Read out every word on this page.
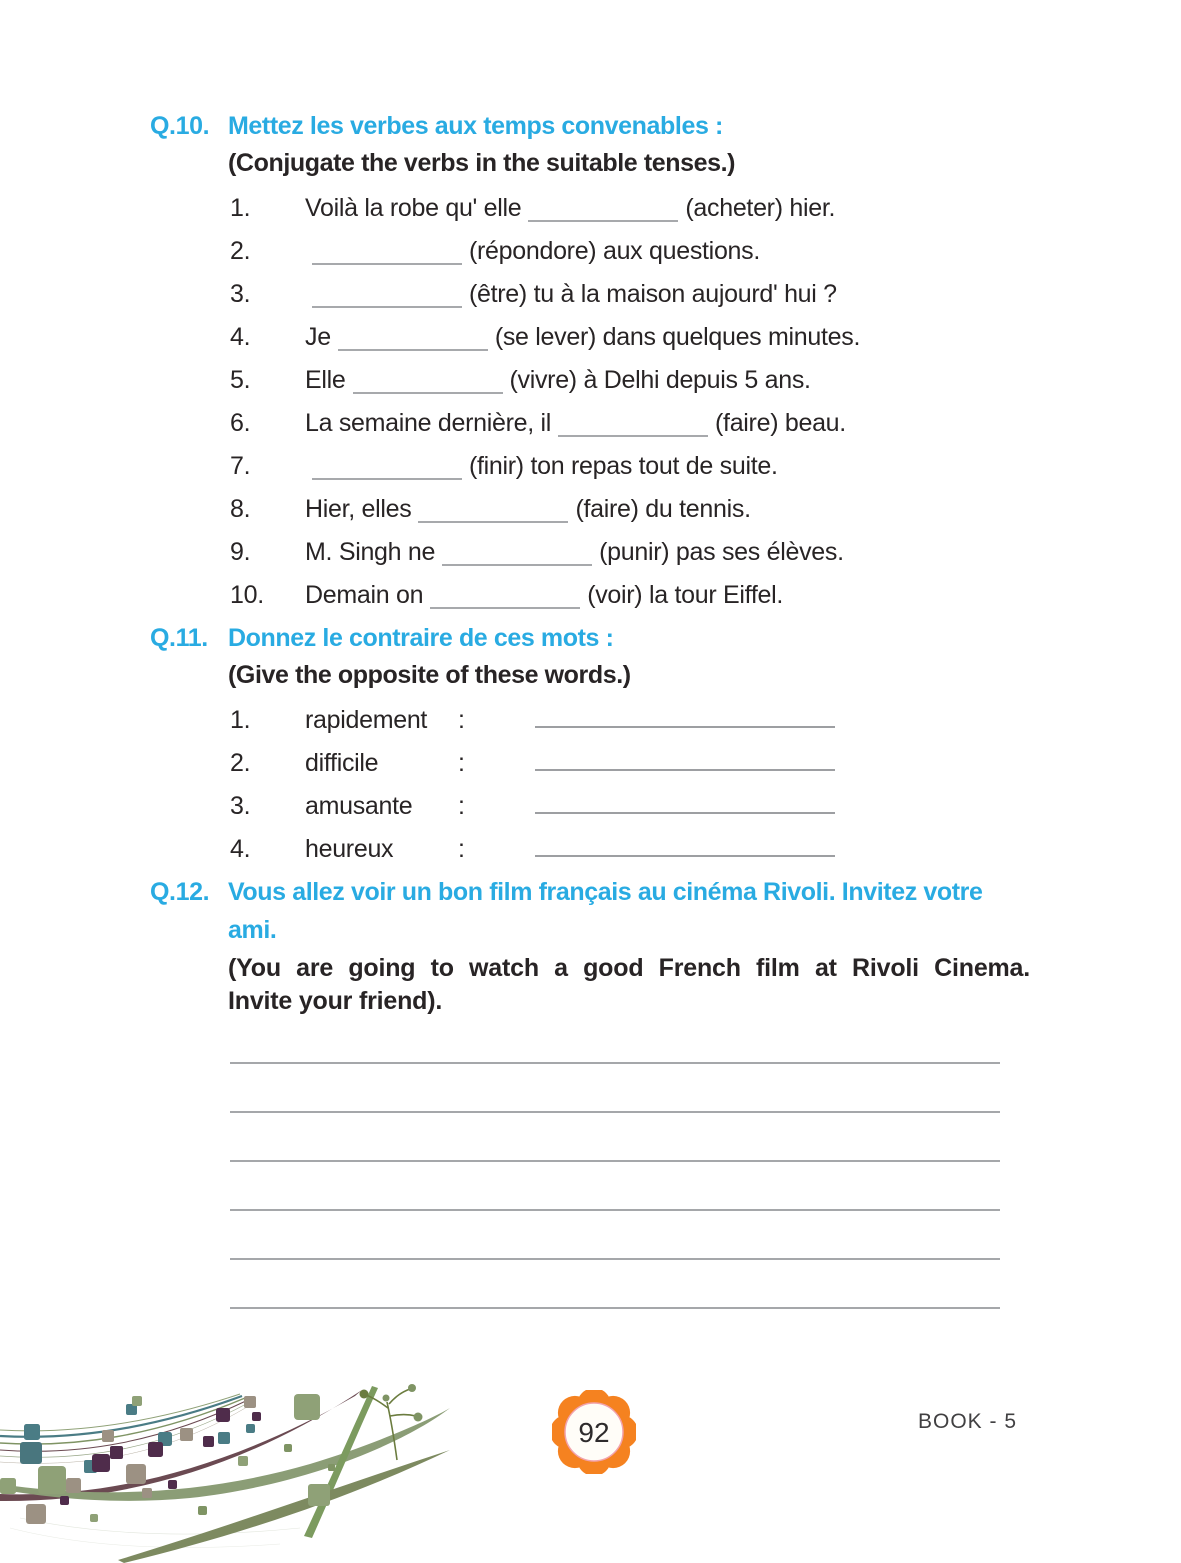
Q.10. Mettez les verbes aux temps convenables :
(Conjugate the verbs in the suitable tenses.)
1.	Voilà la robe qu' elle	(acheter) hier.
2.	(répondore) aux questions.
3.	(être) tu à la maison aujourd' hui ?
4.	Je	(se lever) dans quelques minutes.
5.	Elle	(vivre) à Delhi depuis 5 ans.
6.	La semaine dernière, il	(faire) beau.
7.	(finir) ton repas tout de suite.
8.	Hier, elles	(faire) du tennis.
9.	M. Singh ne	(punir) pas ses élèves.
10.	Demain on	(voir) la tour Eiffel.
Q.11. Donnez le contraire de ces mots :
(Give the opposite of these words.)
1.	rapidement	:
2.	difficile	:
3.	amusante	:
4.	heureux	:
Q.12. Vous allez voir un bon film français au cinéma Rivoli. Invitez votre
ami.
(You are going to watch a good French film at Rivoli Cinema.
Invite your friend).
92	BOOK - 5
